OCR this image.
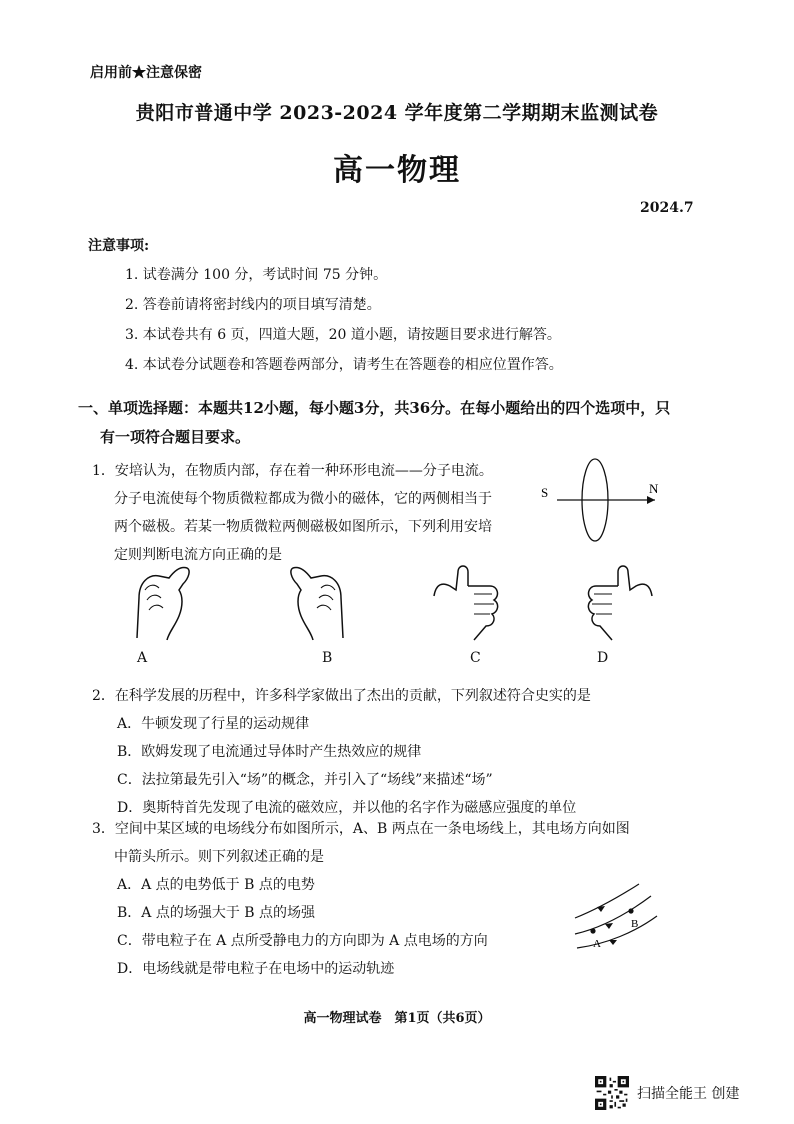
启用前★注意保密
贵阳市普通中学 2023-2024 学年度第二学期期末监测试卷
高一物理
2024.7
注意事项:
1. 试卷满分 100 分，考试时间 75 分钟。
2. 答卷前请将密封线内的项目填写清楚。
3. 本试卷共有 6 页，四道大题，20 道小题，请按题目要求进行解答。
4. 本试卷分试题卷和答题卷两部分，请考生在答题卷的相应位置作答。
一、单项选择题：本题共12小题，每小题3分，共36分。在每小题给出的四个选项中，只
有一项符合题目要求。
1．安培认为，在物质内部，存在着一种环形电流——分子电流。
分子电流使每个物质微粒都成为微小的磁体，它的两侧相当于
两个磁极。若某一物质微粒两侧磁极如图所示，下列利用安培
定则判断电流方向正确的是
S	N
A	B	C	D
2．在科学发展的历程中，许多科学家做出了杰出的贡献，下列叙述符合史实的是
A．牛顿发现了行星的运动规律
B．欧姆发现了电流通过导体时产生热效应的规律
C．法拉第最先引入“场”的概念，并引入了“场线”来描述“场”
D．奥斯特首先发现了电流的磁效应，并以他的名字作为磁感应强度的单位
3．空间中某区域的电场线分布如图所示，A、B 两点在一条电场线上，其电场方向如图
中箭头所示。则下列叙述正确的是
A．A 点的电势低于 B 点的电势
B．A 点的场强大于 B 点的场强
C．带电粒子在 A 点所受静电力的方向即为 A 点电场的方向
D．电场线就是带电粒子在电场中的运动轨迹
A
B
高一物理试卷　第1页（共6页）
扫描全能王 创建
